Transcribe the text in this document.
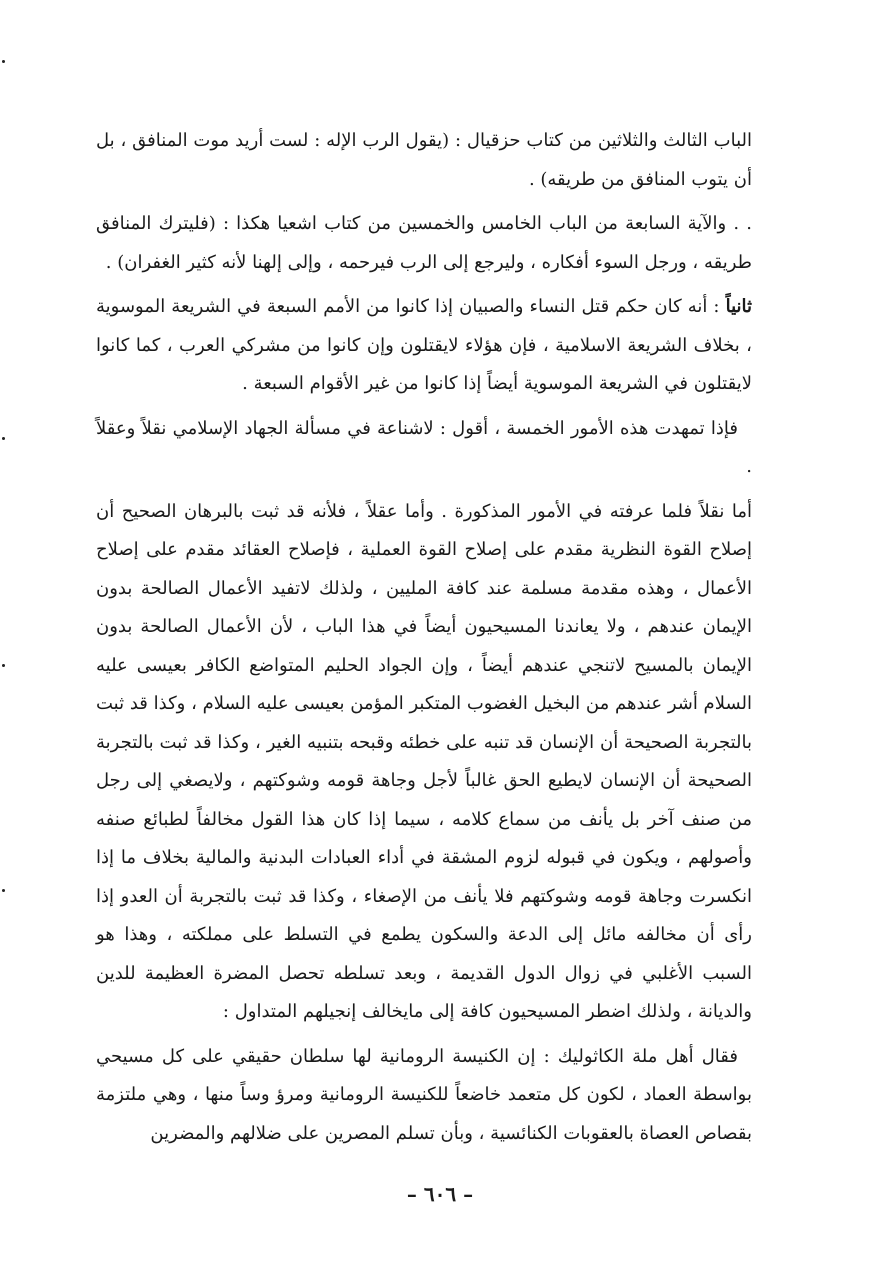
الباب الثالث والثلاثين من كتاب حزقيال : (يقول الرب الإله : لست أريد موت المنافق ، بل أن يتوب المنافق من طريقه) .

. . والآية السابعة من الباب الخامس والخمسين من كتاب اشعيا هكذا : (فليترك المنافق طريقه ، ورجل السوء أفكاره ، وليرجع إلى الرب فيرحمه ، وإلى إلهنا لأنه كثير الغفران) .

ثانياً : أنه كان حكم قتل النساء والصبيان إذا كانوا من الأمم السبعة في الشريعة الموسوية ، بخلاف الشريعة الاسلامية ، فإن هؤلاء لايقتلون وإن كانوا من مشركي العرب ، كما كانوا لايقتلون في الشريعة الموسوية أيضاً إذا كانوا من غير الأقوام السبعة .

فإذا تمهدت هذه الأمور الخمسة ، أقول : لاشناعة في مسألة الجهاد الإسلامي نقلاً وعقلاً .

أما نقلاً فلما عرفته في الأمور المذكورة . وأما عقلاً ، فلأنه قد ثبت بالبرهان الصحيح أن إصلاح القوة النظرية مقدم على إصلاح القوة العملية ، فإصلاح العقائد مقدم على إصلاح الأعمال ، وهذه مقدمة مسلمة عند كافة المليين ، ولذلك لاتفيد الأعمال الصالحة بدون الإيمان عندهم ، ولا يعاندنا المسيحيون أيضاً في هذا الباب ، لأن الأعمال الصالحة بدون الإيمان بالمسيح لاتنجي عندهم أيضاً ، وإن الجواد الحليم المتواضع الكافر بعيسى عليه السلام أشر عندهم من البخيل الغضوب المتكبر المؤمن بعيسى عليه السلام ، وكذا قد ثبت بالتجربة الصحيحة أن الإنسان قد تنبه على خطئه وقبحه بتنبيه الغير ، وكذا قد ثبت بالتجربة الصحيحة أن الإنسان لايطيع الحق غالباً لأجل وجاهة قومه وشوكتهم ، ولايصغي إلى رجل من صنف آخر بل يأنف من سماع كلامه ، سيما إذا كان هذا القول مخالفاً لطبائع صنفه وأصولهم ، ويكون في قبوله لزوم المشقة في أداء العبادات البدنية والمالية بخلاف ما إذا انكسرت وجاهة قومه وشوكتهم فلا يأنف من الإصغاء ، وكذا قد ثبت بالتجربة أن العدو إذا رأى أن مخالفه مائل إلى الدعة والسكون يطمع في التسلط على مملكته ، وهذا هو السبب الأغلبي في زوال الدول القديمة ، وبعد تسلطه تحصل المضرة العظيمة للدين والديانة ، ولذلك اضطر المسيحيون كافة إلى مايخالف إنجيلهم المتداول :

فقال أهل ملة الكاثوليك : إن الكنيسة الرومانية لها سلطان حقيقي على كل مسيحي بواسطة العماد ، لكون كل متعمد خاضعاً للكنيسة الرومانية ومرؤ وساً منها ، وهي ملتزمة بقصاص العصاة بالعقوبات الكنائسية ، وبأن تسلم المصرين على ضلالهم والمضرين

– ٦٠٦ –
